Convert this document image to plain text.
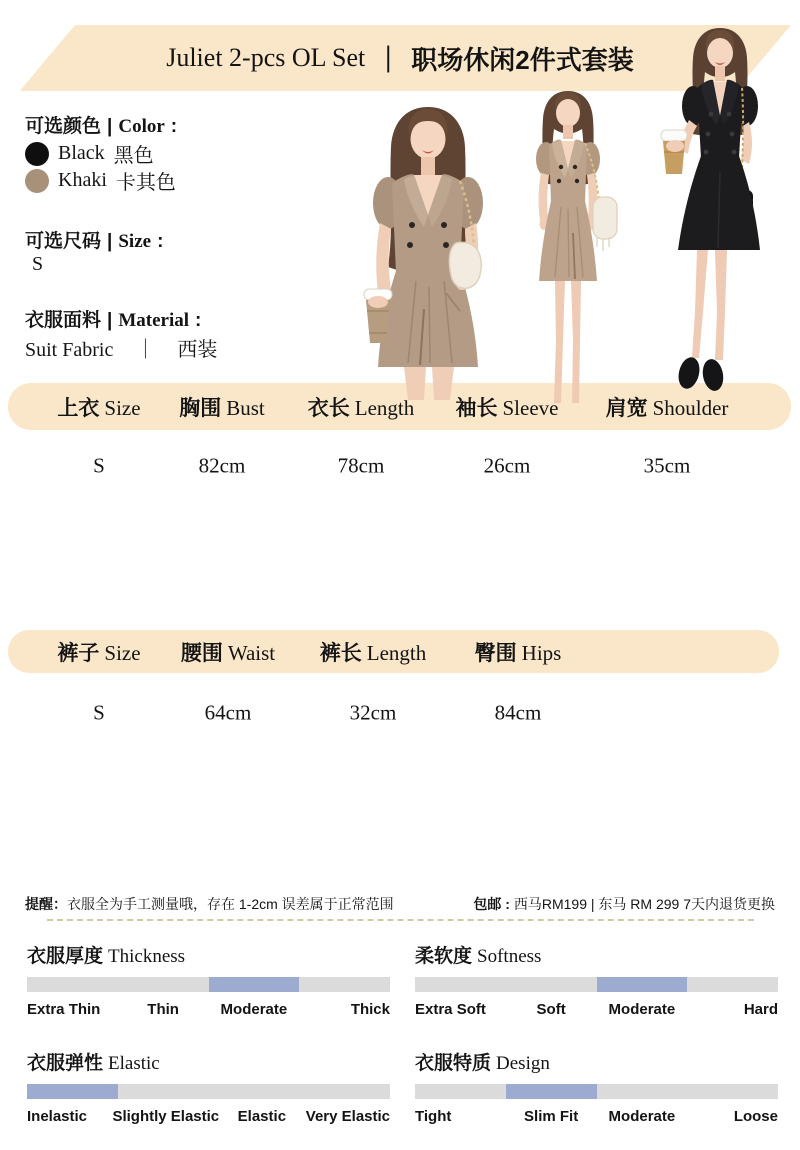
Juliet 2-pcs OL Set ｜ 职场休闲2件式套装
可选颜色 | Color :
Black 黑色
Khaki 卡其色
可选尺码 | Size :
S
衣服面料 | Material :
Suit Fabric ｜ 西装
上衣 Size 胸围 Bust 衣长 Length 袖长 Sleeve 肩宽 Shoulder
S	82cm	78cm	26cm	35cm
裤子 Size 腰围 Waist 裤长 Length 臀围 Hips
S	64cm	32cm	84cm
提醒：衣服全为手工测量哦，存在 1-2cm 误差属于正常范围	包邮 : 西马RM199 | 东马 RM 299 7天内退货更换
衣服厚度 Thickness
Extra Thin	Thin	Moderate	Thick
柔软度 Softness
Extra Soft	Soft	Moderate	Hard
衣服弹性 Elastic
Inelastic	Slightly Elastic	Elastic	Very Elastic
衣服特质 Design
Tight	Slim Fit	Moderate	Loose
